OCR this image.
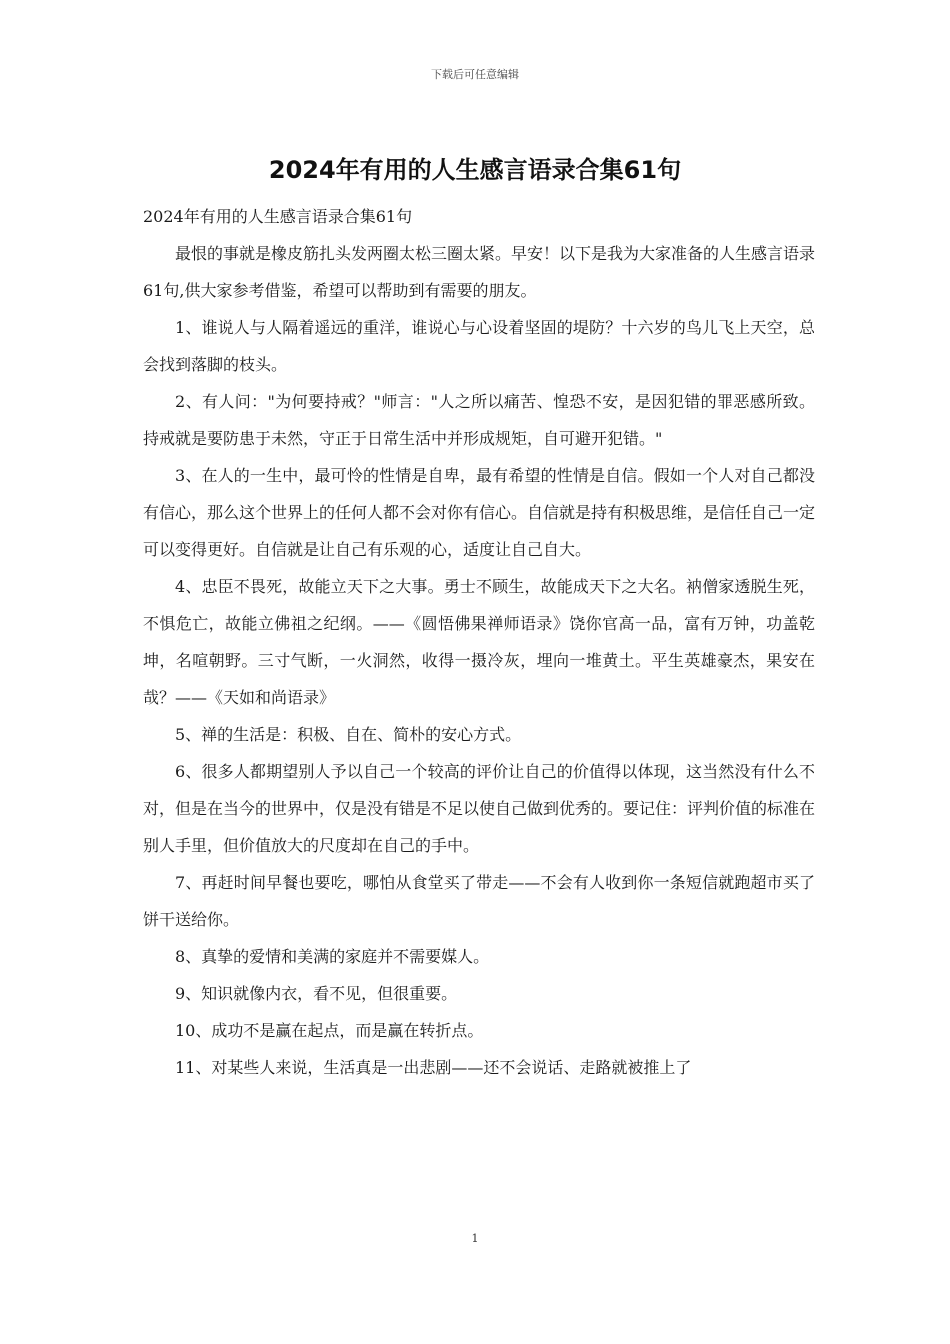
下载后可任意编辑
2024年有用的人生感言语录合集61句

2024年有用的人生感言语录合集61句

最恨的事就是橡皮筋扎头发两圈太松三圈太紧。早安！以下是我为大家准备的人生感言语录61句,供大家参考借鉴，希望可以帮助到有需要的朋友。

1、谁说人与人隔着遥远的重洋，谁说心与心设着坚固的堤防？十六岁的鸟儿飞上天空，总会找到落脚的枝头。

2、有人问："为何要持戒？"师言："人之所以痛苦、惶恐不安，是因犯错的罪恶感所致。持戒就是要防患于未然，守正于日常生活中并形成规矩，自可避开犯错。"

3、在人的一生中，最可怜的性情是自卑，最有希望的性情是自信。假如一个人对自己都没有信心，那么这个世界上的任何人都不会对你有信心。自信就是持有积极思维，是信任自己一定可以变得更好。自信就是让自己有乐观的心，适度让自己自大。

4、忠臣不畏死，故能立天下之大事。勇士不顾生，故能成天下之大名。衲僧家透脱生死，不惧危亡，故能立佛祖之纪纲。——《圆悟佛果禅师语录》饶你官高一品，富有万钟，功盖乾坤，名喧朝野。三寸气断，一火洞然，收得一摄冷灰，埋向一堆黄土。平生英雄豪杰，果安在哉？——《天如和尚语录》

5、禅的生活是：积极、自在、简朴的安心方式。

6、很多人都期望别人予以自己一个较高的评价让自己的价值得以体现，这当然没有什么不对，但是在当今的世界中，仅是没有错是不足以使自己做到优秀的。要记住：评判价值的标准在别人手里，但价值放大的尺度却在自己的手中。

7、再赶时间早餐也要吃，哪怕从食堂买了带走——不会有人收到你一条短信就跑超市买了饼干送给你。

8、真挚的爱情和美满的家庭并不需要媒人。

9、知识就像内衣，看不见，但很重要。

10、成功不是赢在起点，而是赢在转折点。

11、对某些人来说，生活真是一出悲剧——还不会说话、走路就被推上了

1
